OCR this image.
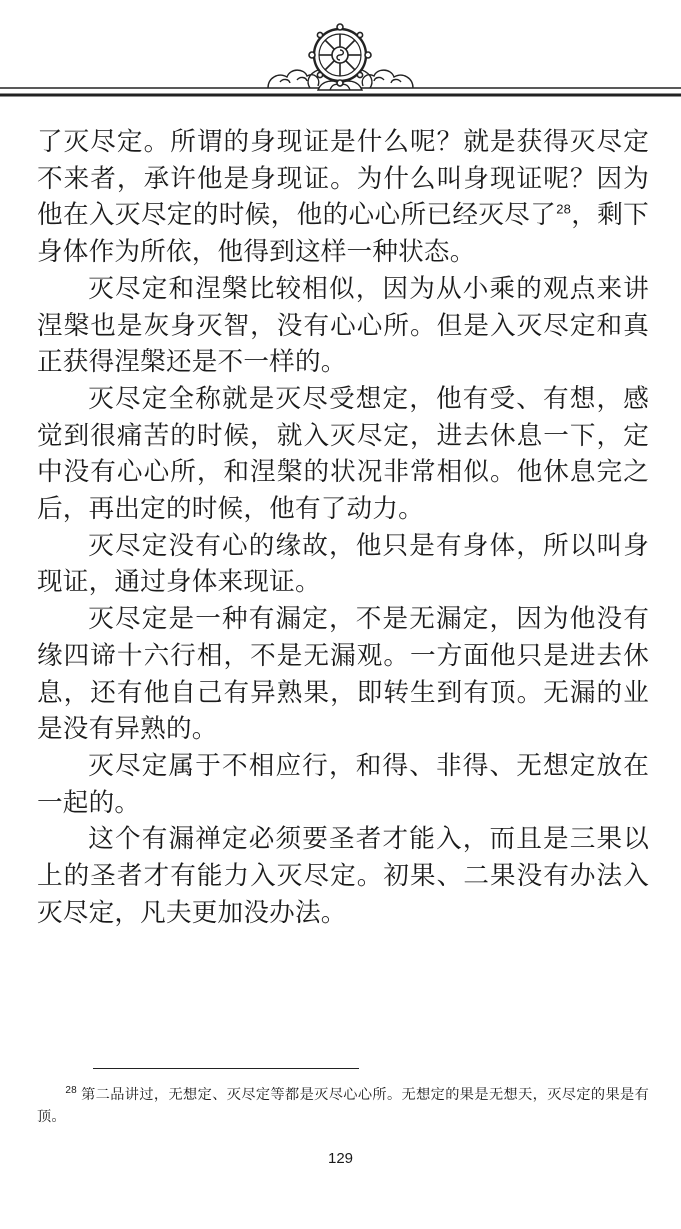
了灭尽定。所谓的身现证是什么呢？就是获得灭尽定不来者，承许他是身现证。为什么叫身现证呢？因为他在入灭尽定的时候，他的心心所已经灭尽了$^{28}$，剩下身体作为所依，他得到这样一种状态。

灭尽定和涅槃比较相似，因为从小乘的观点来讲涅槃也是灰身灭智，没有心心所。但是入灭尽定和真正获得涅槃还是不一样的。

灭尽定全称就是灭尽受想定，他有受、有想，感觉到很痛苦的时候，就入灭尽定，进去休息一下，定中没有心心所，和涅槃的状况非常相似。他休息完之后，再出定的时候，他有了动力。

灭尽定没有心的缘故，他只是有身体，所以叫身现证，通过身体来现证。

灭尽定是一种有漏定，不是无漏定，因为他没有缘四谛十六行相，不是无漏观。一方面他只是进去休息，还有他自己有异熟果，即转生到有顶。无漏的业是没有异熟的。

灭尽定属于不相应行，和得、非得、无想定放在一起的。

这个有漏禅定必须要圣者才能入，而且是三果以上的圣者才有能力入灭尽定。初果、二果没有办法入灭尽定，凡夫更加没办法。

$^{28}$ 第二品讲过，无想定、灭尽定等都是灭尽心心所。无想定的果是无想天，灭尽定的果是有顶。
129
